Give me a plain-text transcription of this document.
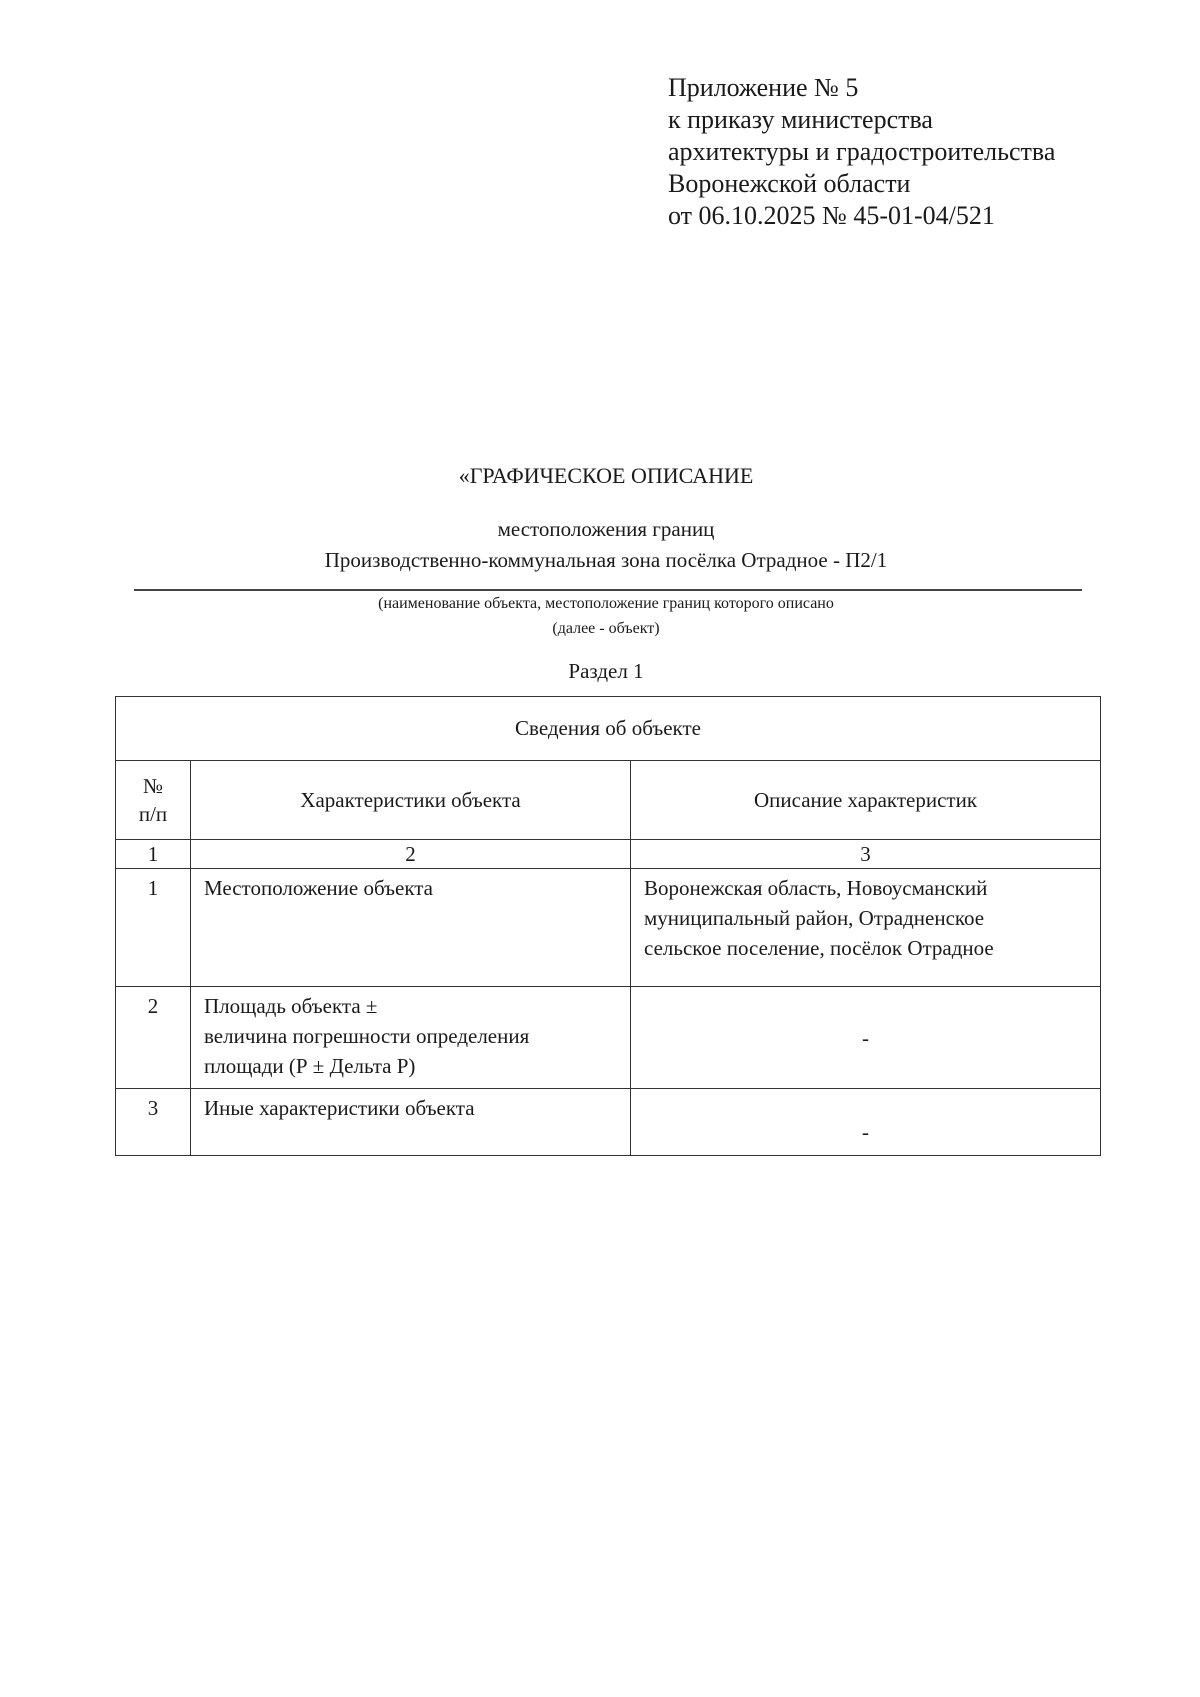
Приложение № 5
к приказу министерства
архитектуры и градостроительства
Воронежской области
от 06.10.2025 № 45-01-04/521
«ГРАФИЧЕСКОЕ ОПИСАНИЕ
местоположения границ
Производственно-коммунальная зона посёлка Отрадное - П2/1
(наименование объекта, местоположение границ которого описано
(далее - объект)
Раздел 1
Сведения об объекте		

№
п/п	Характеристики объекта	Описание характеристик
1	2	3
1	Местоположение объекта	Воронежская область, Новоусманский
муниципальный район, Отрадненское
сельское поселение, посёлок Отрадное

2	Площадь объекта ±
величина погрешности определения
площади (Р ± Дельта Р)	-

3	Иные характеристики объекта	-
